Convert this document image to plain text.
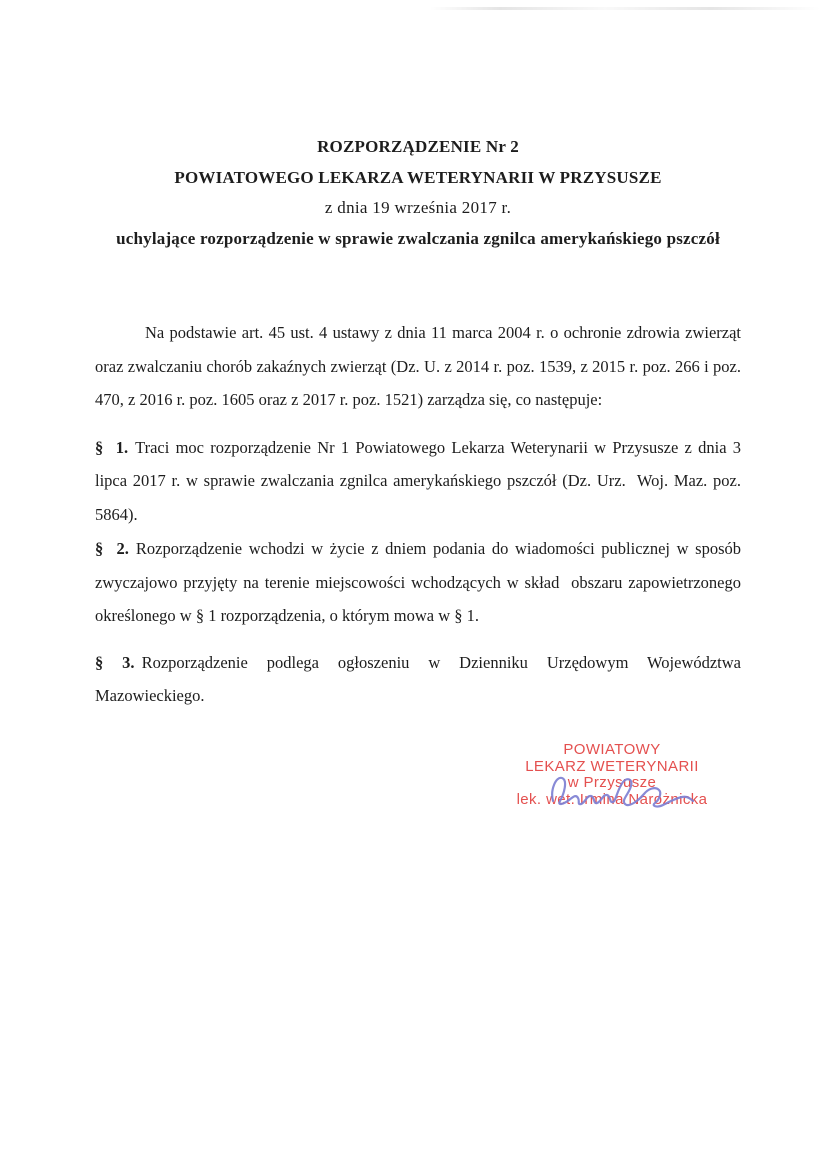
ROZPORZĄDZENIE Nr 2

POWIATOWEGO LEKARZA WETERYNARII W PRZYSUSZE

z dnia 19 września 2017 r.

uchylające rozporządzenie w sprawie zwalczania zgnilca amerykańskiego pszczół

Na podstawie art. 45 ust. 4 ustawy z dnia 11 marca 2004 r. o ochronie zdrowia zwierząt oraz zwalczaniu chorób zakaźnych zwierząt (Dz. U. z 2014 r. poz. 1539, z 2015 r. poz. 266 i poz. 470, z 2016 r. poz. 1605 oraz z 2017 r. poz. 1521) zarządza się, co następuje:

§  1. Traci moc rozporządzenie Nr 1 Powiatowego Lekarza Weterynarii w Przysusze z dnia 3 lipca 2017 r. w sprawie zwalczania zgnilca amerykańskiego pszczół (Dz. Urz.  Woj. Maz. poz. 5864).

§  2. Rozporządzenie wchodzi w życie z dniem podania do wiadomości publicznej w sposób zwyczajowo przyjęty na terenie miejscowości wchodzących w skład  obszaru zapowietrzonego określonego w § 1 rozporządzenia, o którym mowa w § 1.

§ 3. Rozporządzenie podlega ogłoszeniu w Dzienniku Urzędowym Województwa Mazowieckiego.

POWIATOWY

LEKARZ WETERYNARII

w Przysusze

lek. wet. Irmina Narożnicka
